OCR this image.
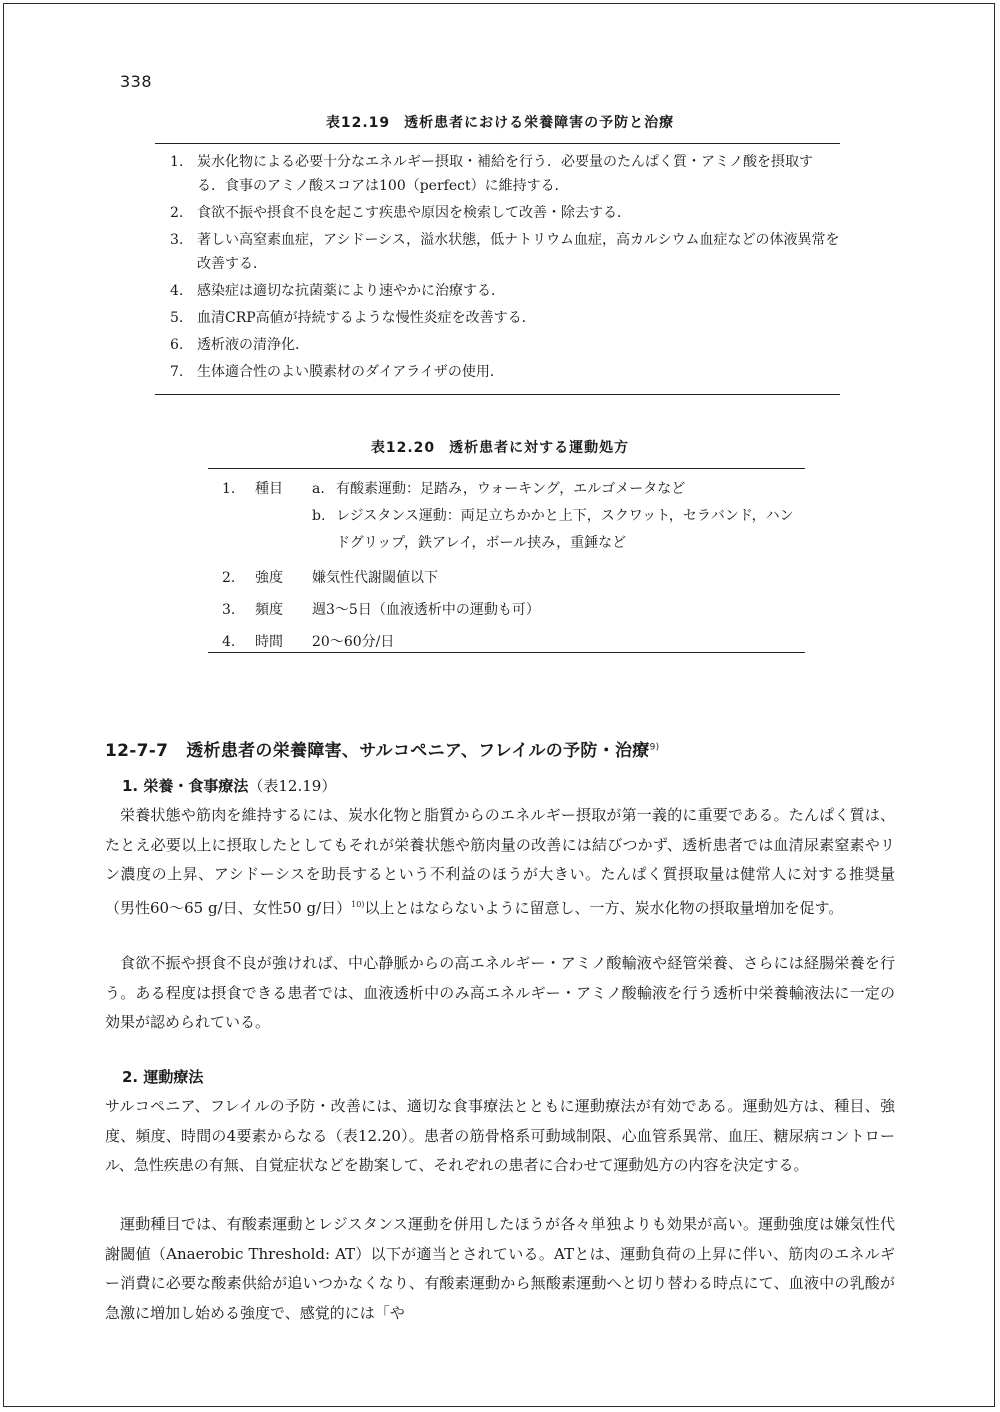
338
表12.19 透析患者における栄養障害の予防と治療
1. 炭水化物による必要十分なエネルギー摂取・補給を行う．必要量のたんぱく質・アミノ酸を摂取する．食事のアミノ酸スコアは100（perfect）に維持する．
2. 食欲不振や摂食不良を起こす疾患や原因を検索して改善・除去する．
3. 著しい高窒素血症，アシドーシス，溢水状態，低ナトリウム血症，高カルシウム血症などの体液異常を改善する．
4. 感染症は適切な抗菌薬により速やかに治療する．
5. 血清CRP高値が持続するような慢性炎症を改善する．
6. 透析液の清浄化．
7. 生体適合性のよい膜素材のダイアライザの使用．
表12.20 透析患者に対する運動処方
1.	種目	a. 有酸素運動：足踏み，ウォーキング，エルゴメータなど
b. レジスタンス運動：両足立ちかかと上下，スクワット，セラバンド，ハンドグリップ，鉄アレイ，ボール挟み，重錘など
2.	強度	嫌気性代謝閾値以下
3.	頻度	週3～5日（血液透析中の運動も可）
4.	時間	20～60分/日
12-7-7 透析患者の栄養障害、サルコペニア、フレイルの予防・治療$^{9)}$
1. 栄養・食事療法（表12.19）

栄養状態や筋肉を維持するには、炭水化物と脂質からのエネルギー摂取が第一義的に重要である。たんぱく質は、たとえ必要以上に摂取したとしてもそれが栄養状態や筋肉量の改善には結びつかず、透析患者では血清尿素窒素やリン濃度の上昇、アシドーシスを助長するという不利益のほうが大きい。たんぱく質摂取量は健常人に対する推奨量（男性60～65 g/日、女性50 g/日）$^{10)}$以上とはならないように留意し、一方、炭水化物の摂取量増加を促す。

食欲不振や摂食不良が強ければ、中心静脈からの高エネルギー・アミノ酸輸液や経管栄養、さらには経腸栄養を行う。ある程度は摂食できる患者では、血液透析中のみ高エネルギー・アミノ酸輸液を行う透析中栄養輸液法に一定の効果が認められている。

2. 運動療法

サルコペニア、フレイルの予防・改善には、適切な食事療法とともに運動療法が有効である。運動処方は、種目、強度、頻度、時間の4要素からなる（表12.20）。患者の筋骨格系可動域制限、心血管系異常、血圧、糖尿病コントロール、急性疾患の有無、自覚症状などを勘案して、それぞれの患者に合わせて運動処方の内容を決定する。

運動種目では、有酸素運動とレジスタンス運動を併用したほうが各々単独よりも効果が高い。運動強度は嫌気性代謝閾値（Anaerobic Threshold: AT）以下が適当とされている。ATとは、運動負荷の上昇に伴い、筋肉のエネルギー消費に必要な酸素供給が追いつかなくなり、有酸素運動から無酸素運動へと切り替わる時点にて、血液中の乳酸が急激に増加し始める強度で、感覚的には「や
